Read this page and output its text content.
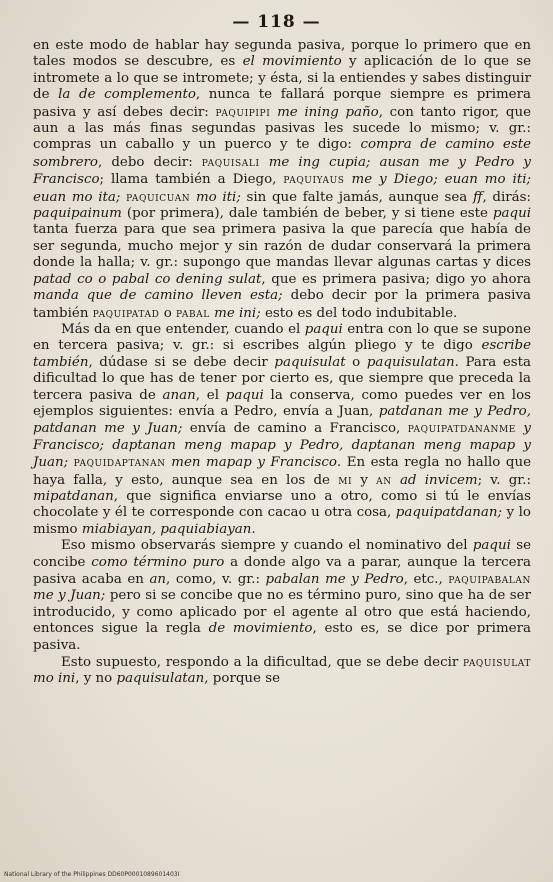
— 118 —

en este modo de hablar hay segunda pasiva, porque lo primero que en tales modos se descubre, es el movimiento y aplicación de lo que se intromete a lo que se intromete; y ésta, si la entiendes y sabes distinguir de la de complemento, nunca te fallará porque siempre es primera pasiva y así debes decir: paquipipi me ining paño, con tanto rigor, que aun a las más finas segundas pasivas les sucede lo mismo; v. gr.: compras un caballo y un puerco y te digo: compra de camino este sombrero, debo decir: paquisali me ing cupia; ausan me y Pedro y Francisco; llama también a Diego, paquiyaus me y Diego; euan mo iti; euan mo ita; paquicuan mo iti; sin que falte jamás, aunque sea ff, dirás: paquipainum (por primera), dale también de beber, y si tiene este paqui tanta fuerza para que sea primera pasiva la que parecía que había de ser segunda, mucho mejor y sin razón de dudar conservará la primera donde la halla; v. gr.: supongo que mandas llevar algunas cartas y dices patad co o pabal co dening sulat, que es primera pasiva; digo yo ahora manda que de camino lleven esta; debo decir por la primera pasiva también paquipatad o pabal me ini; esto es del todo indubitable.

Más da en que entender, cuando el paqui entra con lo que se supone en tercera pasiva; v. gr.: si escribes algún pliego y te digo escribe también, dúdase si se debe decir paquisulat o paquisulatan. Para esta dificultad lo que has de tener por cierto es, que siempre que preceda la tercera pasiva de anan, el paqui la conserva, como puedes ver en los ejemplos siguientes: envía a Pedro, envía a Juan, patdanan me y Pedro, patdanan me y Juan; envía de camino a Francisco, paquipatdananme y Francisco; daptanan meng mapap y Pedro, daptanan meng mapap y Juan; paquidaptanan men mapap y Francisco. En esta regla no hallo que haya falla, y esto, aunque sea en los de mi y an ad invicem; v. gr.: mipatdanan, que significa enviarse uno a otro, como si tú le envías chocolate y él te corresponde con cacao u otra cosa, paquipatdanan; y lo mismo miabiayan, paquiabiayan.

Eso mismo observarás siempre y cuando el nominativo del paqui se concibe como término puro a donde algo va a parar, aunque la tercera pasiva acaba en an, como, v. gr.: pabalan me y Pedro, etc., paquipabalan me y Juan; pero si se concibe que no es término puro, sino que ha de ser introducido, y como aplicado por el agente al otro que está haciendo, entonces sigue la regla de movimiento, esto es, se dice por primera pasiva.

Esto supuesto, respondo a la dificultad, que se debe decir paquisulat mo ini, y no paquisulatan, porque se

National Library of the Philippines DD60P0001089601403I
